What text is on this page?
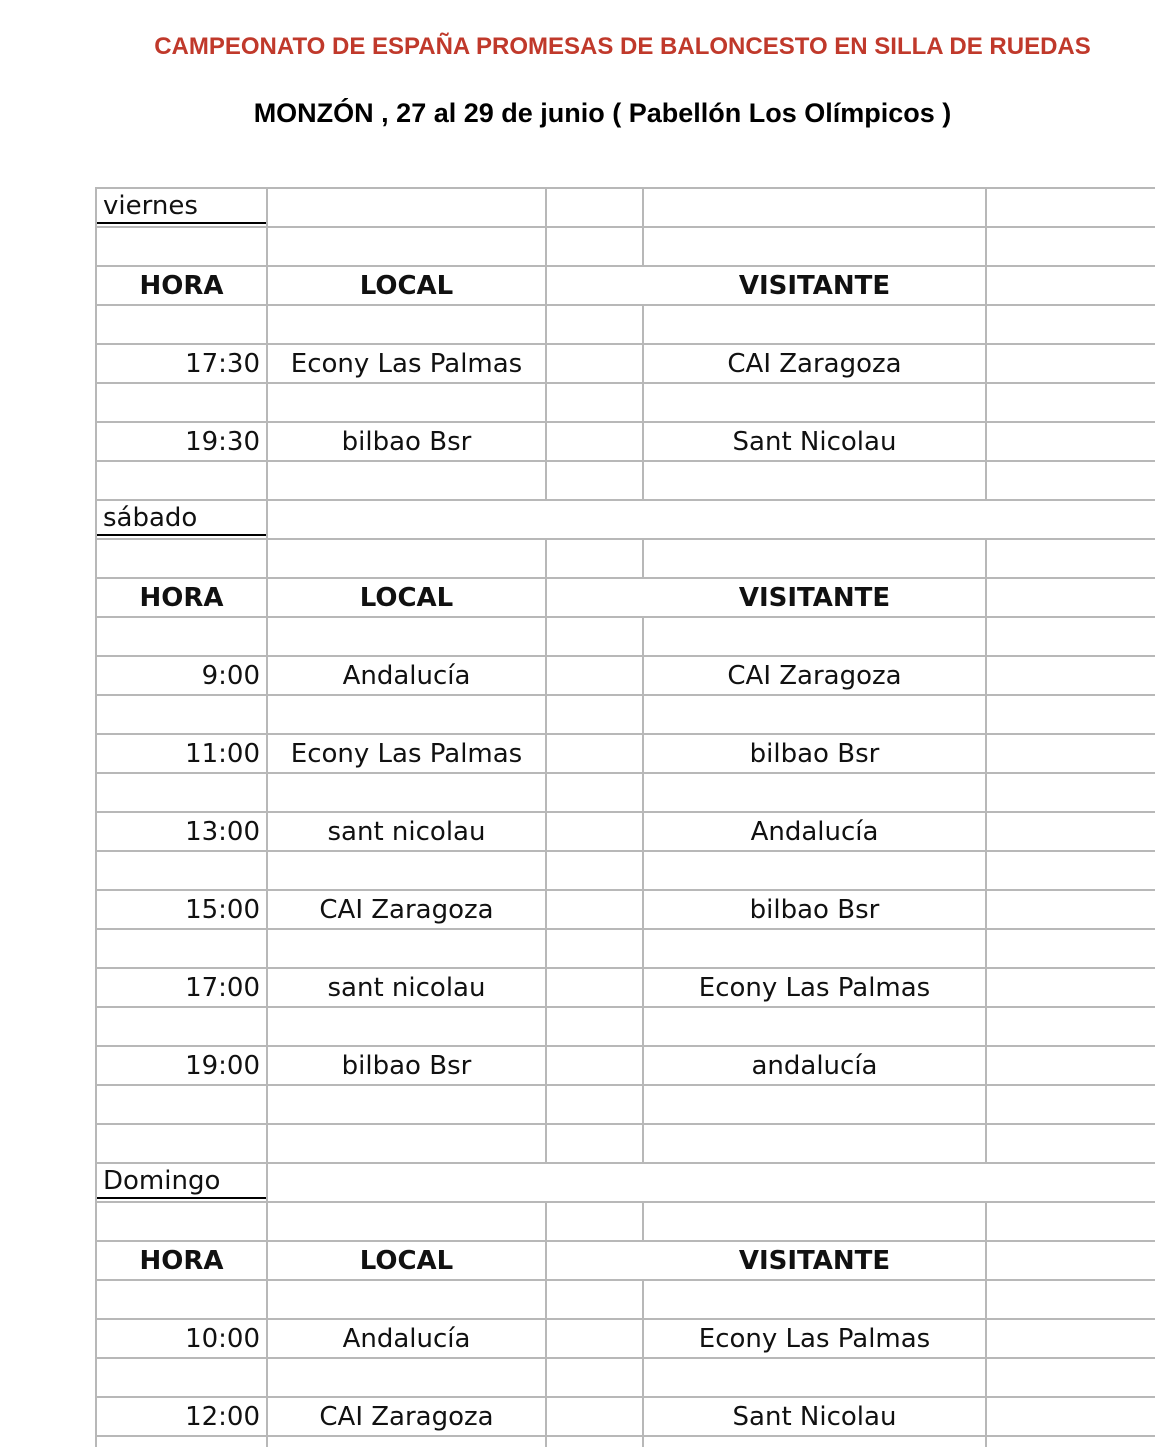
CAMPEONATO DE ESPAÑA PROMESAS DE BALONCESTO EN SILLA DE RUEDAS
MONZÓN , 27 al 29 de junio ( Pabellón Los Olímpicos )
viernes				

HORA	LOCAL		VISITANTE	

17:30	Econy Las Palmas		CAI Zaragoza	

19:30	bilbao Bsr		Sant Nicolau	

sábado				

HORA	LOCAL		VISITANTE	

9:00	Andalucía		CAI Zaragoza	

11:00	Econy Las Palmas		bilbao Bsr	

13:00	sant nicolau		Andalucía	

15:00	CAI Zaragoza		bilbao Bsr	

17:00	sant nicolau		Econy Las Palmas	

19:00	bilbao Bsr		andalucía	

Domingo				

HORA	LOCAL		VISITANTE	

10:00	Andalucía		Econy Las Palmas	

12:00	CAI Zaragoza		Sant Nicolau	
